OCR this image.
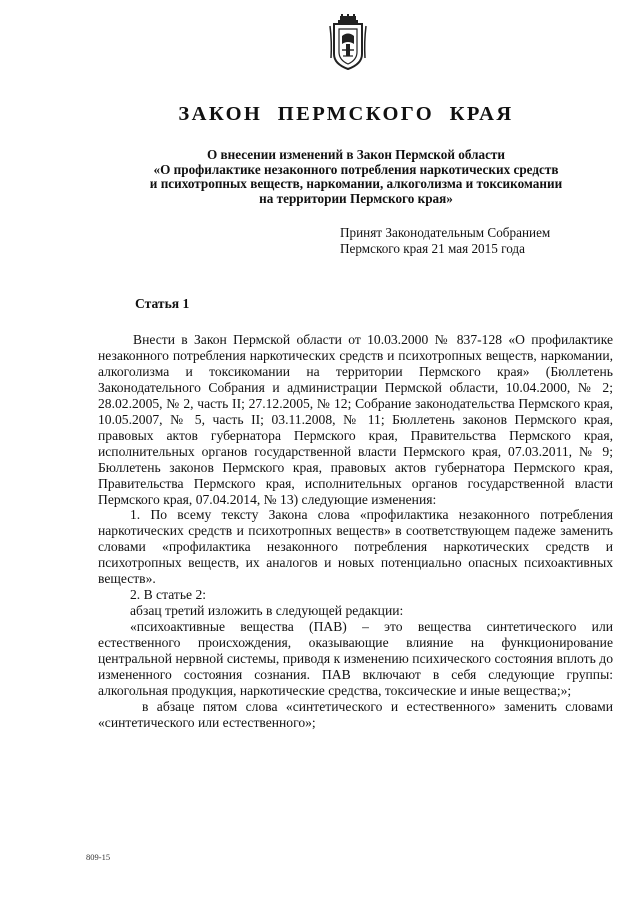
ЗАКОН ПЕРМСКОГО КРАЯ
О внесении изменений в Закон Пермской области
«О профилактике незаконного потребления наркотических средств
и психотропных веществ, наркомании, алкоголизма и токсикомании
на территории Пермского края»
Принят Законодательным Собранием
Пермского края 21 мая 2015 года
Статья 1

Внести в Закон Пермской области от 10.03.2000 № 837-128 «О профилактике незаконного потребления наркотических средств и психотропных веществ, наркомании, алкоголизма и токсикомании на территории Пермского края» (Бюллетень Законодательного Собрания и администрации Пермской области, 10.04.2000, № 2; 28.02.2005, № 2, часть II; 27.12.2005, № 12; Собрание законодательства Пермского края, 10.05.2007, № 5, часть II; 03.11.2008, № 11; Бюллетень законов Пермского края, правовых актов губернатора Пермского края, Правительства Пермского края, исполнительных органов государственной власти Пермского края, 07.03.2011, № 9; Бюллетень законов Пермского края, правовых актов губернатора Пермского края, Правительства Пермского края, исполнительных органов государственной власти Пермского края, 07.04.2014, № 13) следующие изменения:

1. По всему тексту Закона слова «профилактика незаконного потребления наркотических средств и психотропных веществ» в соответствующем падеже заменить словами «профилактика незаконного потребления наркотических средств и психотропных веществ, их аналогов и новых потенциально опасных психоактивных веществ».

2. В статье 2:

абзац третий изложить в следующей редакции:

«психоактивные вещества (ПАВ) – это вещества синтетического или естественного происхождения, оказывающие влияние на функционирование центральной нервной системы, приводя к изменению психического состояния вплоть до измененного состояния сознания. ПАВ включают в себя следующие группы: алкогольная продукция, наркотические средства, токсические и иные вещества;»;

в абзаце пятом слова «синтетического и естественного» заменить словами «синтетического или естественного»;

809-15
